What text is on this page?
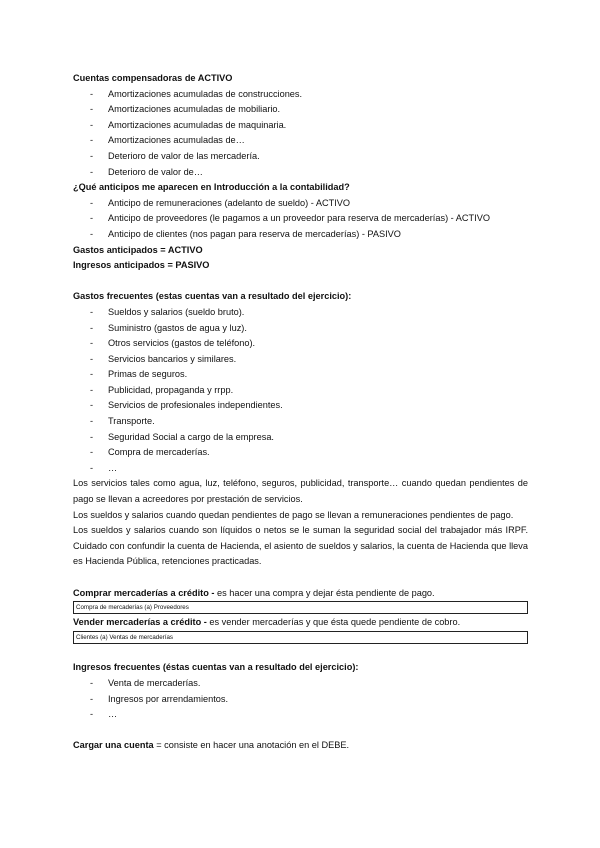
Cuentas compensadoras de ACTIVO

- Amortizaciones acumuladas de construcciones.
- Amortizaciones acumuladas de mobiliario.
- Amortizaciones acumuladas de maquinaria.
- Amortizaciones acumuladas de…
- Deterioro de valor de las mercadería.
- Deterioro de valor de…

¿Qué anticipos me aparecen en Introducción a la contabilidad?

- Anticipo de remuneraciones (adelanto de sueldo) - ACTIVO
- Anticipo de proveedores (le pagamos a un proveedor para reserva de mercaderías) - ACTIVO
- Anticipo de clientes (nos pagan para reserva de mercaderías) - PASIVO

Gastos anticipados = ACTIVO

Ingresos anticipados = PASIVO

Gastos frecuentes (estas cuentas van a resultado del ejercicio):

- Sueldos y salarios (sueldo bruto).
- Suministro (gastos de agua y luz).
- Otros servicios (gastos de teléfono).
- Servicios bancarios y similares.
- Primas de seguros.
- Publicidad, propaganda y rrpp.
- Servicios de profesionales independientes.
- Transporte.
- Seguridad Social a cargo de la empresa.
- Compra de mercaderías.
- …

Los servicios tales como agua, luz, teléfono, seguros, publicidad, transporte… cuando quedan pendientes de pago se llevan a acreedores por prestación de servicios.

Los sueldos y salarios cuando quedan pendientes de pago se llevan a remuneraciones pendientes de pago.

Los sueldos y salarios cuando son líquidos o netos se le suman la seguridad social del trabajador más IRPF. Cuidado con confundir la cuenta de Hacienda, el asiento de sueldos y salarios, la cuenta de Hacienda que lleva es Hacienda Pública, retenciones practicadas.

Comprar mercaderías a crédito - es hacer una compra y dejar ésta pendiente de pago.

Compra de mercaderías (a) Proveedores

Vender mercaderías a crédito - es vender mercaderías y que ésta quede pendiente de cobro.

Clientes (a) Ventas de mercaderías

Ingresos frecuentes (éstas cuentas van a resultado del ejercicio):

- Venta de mercaderías.
- Ingresos por arrendamientos.
- …

Cargar una cuenta = consiste en hacer una anotación en el DEBE.
